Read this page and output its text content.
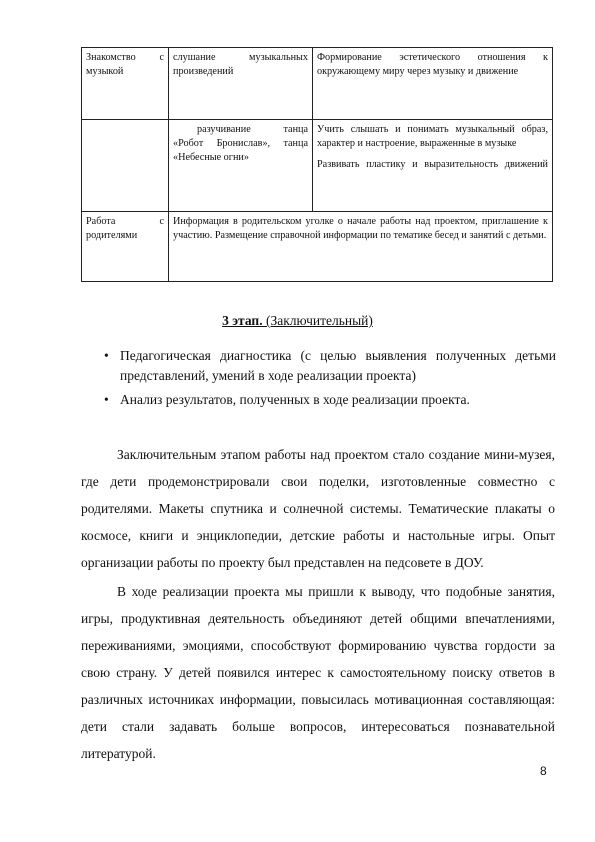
Знакомство с музыкой	слушание музыкальных произведений	Формирование эстетического отношения к окружающему миру через музыку и движение

	разучивание танца «Робот Бронислав», танца «Небесные огни»	Учить слышать и понимать музыкальный образ, характер и настроение, выраженные в музыке

Развивать пластику и выразительность движений

Работа с родителями	Информация в родительском уголке о начале работы над проектом, приглашение к участию. Размещение справочной информации по тематике бесед и занятий с детьми.	

3 этап. (Заключительный)
• Педагогическая диагностика (с целью выявления полученных детьми представлений, умений в ходе реализации проекта)
• Анализ результатов, полученных в ходе реализации проекта.

Заключительным этапом работы над проектом стало создание мини-музея, где дети продемонстрировали свои поделки, изготовленные совместно с родителями. Макеты спутника и солнечной системы. Тематические плакаты о космосе, книги и энциклопедии, детские работы и настольные игры. Опыт организации работы по проекту был представлен на педсовете в ДОУ.

В ходе реализации проекта мы пришли к выводу, что подобные занятия, игры, продуктивная деятельность объединяют детей общими впечатлениями, переживаниями, эмоциями, способствуют формированию чувства гордости за свою страну. У детей появился интерес к самостоятельному поиску ответов в различных источниках информации, повысилась мотивационная составляющая: дети стали задавать больше вопросов, интересоваться познавательной литературой.

8
